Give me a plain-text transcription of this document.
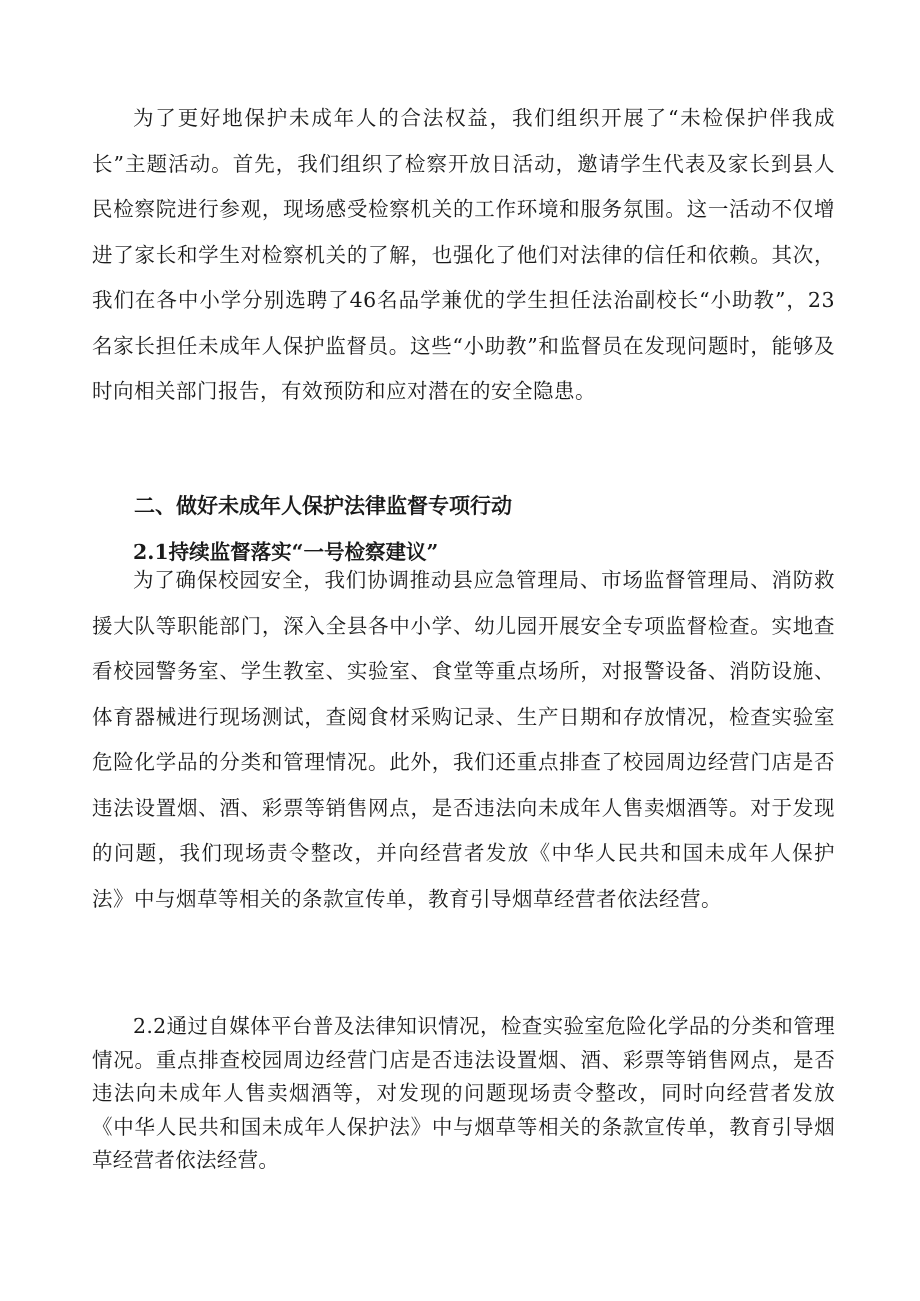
为了更好地保护未成年人的合法权益，我们组织开展了“未检保护伴我成长”主题活动。首先，我们组织了检察开放日活动，邀请学生代表及家长到县人民检察院进行参观，现场感受检察机关的工作环境和服务氛围。这一活动不仅增进了家长和学生对检察机关的了解，也强化了他们对法律的信任和依赖。其次，我们在各中小学分别选聘了46名品学兼优的学生担任法治副校长“小助教”，23名家长担任未成年人保护监督员。这些“小助教”和监督员在发现问题时，能够及时向相关部门报告，有效预防和应对潜在的安全隐患。

二、做好未成年人保护法律监督专项行动
2.1持续监督落实“一号检察建议”

为了确保校园安全，我们协调推动县应急管理局、市场监督管理局、消防救援大队等职能部门，深入全县各中小学、幼儿园开展安全专项监督检查。实地查看校园警务室、学生教室、实验室、食堂等重点场所，对报警设备、消防设施、体育器械进行现场测试，查阅食材采购记录、生产日期和存放情况，检查实验室危险化学品的分类和管理情况。此外，我们还重点排查了校园周边经营门店是否违法设置烟、酒、彩票等销售网点，是否违法向未成年人售卖烟酒等。对于发现的问题，我们现场责令整改，并向经营者发放《中华人民共和国未成年人保护法》中与烟草等相关的条款宣传单，教育引导烟草经营者依法经营。

2.2通过自媒体平台普及法律知识情况，检查实验室危险化学品的分类和管理情况。重点排查校园周边经营门店是否违法设置烟、酒、彩票等销售网点，是否违法向未成年人售卖烟酒等，对发现的问题现场责令整改，同时向经营者发放《中华人民共和国未成年人保护法》中与烟草等相关的条款宣传单，教育引导烟草经营者依法经营。
